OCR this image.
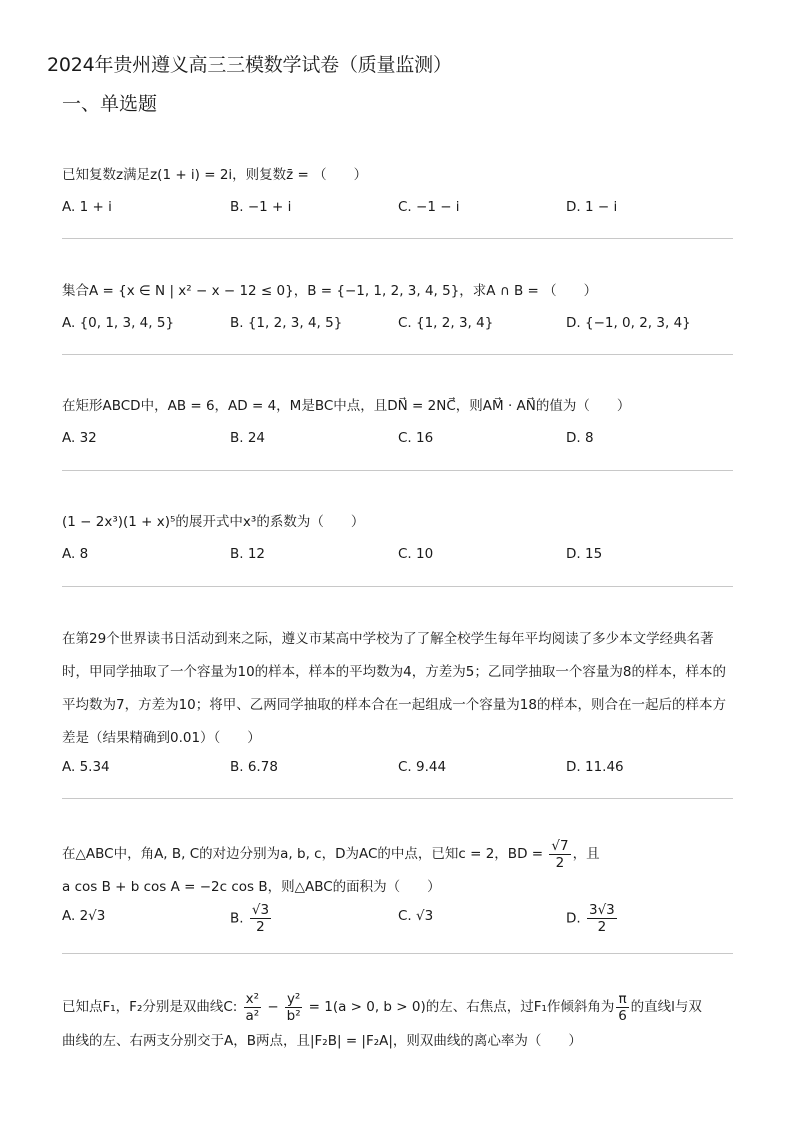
2024年贵州遵义高三三模数学试卷（质量监测）
一、单选题
已知复数z满足z(1 + i) = 2i，则复数z̄ = （　　）
A. 1 + i	B. −1 + i	C. −1 − i	D. 1 − i
集合A = {x ∈ N | x² − x − 12 ≤ 0}，B = {−1, 1, 2, 3, 4, 5}，求A ∩ B = （　　）
A. {0, 1, 3, 4, 5}	B. {1, 2, 3, 4, 5}	C. {1, 2, 3, 4}	D. {−1, 0, 2, 3, 4}
在矩形ABCD中，AB = 6，AD = 4，M是BC中点，且DN⃗ = 2NC⃗，则AM⃗ · AN⃗的值为（　　）
A. 32	B. 24	C. 16	D. 8
(1 − 2x³)(1 + x)⁵的展开式中x³的系数为（　　）
A. 8	B. 12	C. 10	D. 15
在第29个世界读书日活动到来之际，遵义市某高中学校为了了解全校学生每年平均阅读了多少本文学经典名著时，甲同学抽取了一个容量为10的样本，样本的平均数为4，方差为5；乙同学抽取一个容量为8的样本，样本的平均数为7，方差为10；将甲、乙两同学抽取的样本合在一起组成一个容量为18的样本，则合在一起后的样本方差是（结果精确到0.01）（　　）
A. 5.34	B. 6.78	C. 9.44	D. 11.46
在△ABC中，角A, B, C的对边分别为a, b, c，D为AC的中点，已知c = 2，BD = $\frac{√7}{2}$ ，且
a cos B + b cos A = −2c cos B，则△ABC的面积为（　　）
A. 2√3	B. $\frac{√3}{2}$	C. √3	D. $\frac{3√3}{2}$
已知点F₁，F₂分别是双曲线C: $\frac{\text{x²}}{\text{a²}} - \frac{\text{y²}}{\text{b²}} = 1(a > 0$, b > 0)的左、右焦点，过F₁作倾斜角为 $\frac{\pi}{6}$ 的直线l与双
曲线的左、右两支分别交于A，B两点，且|F₂B| = |F₂A|，则双曲线的离心率为（　　）
